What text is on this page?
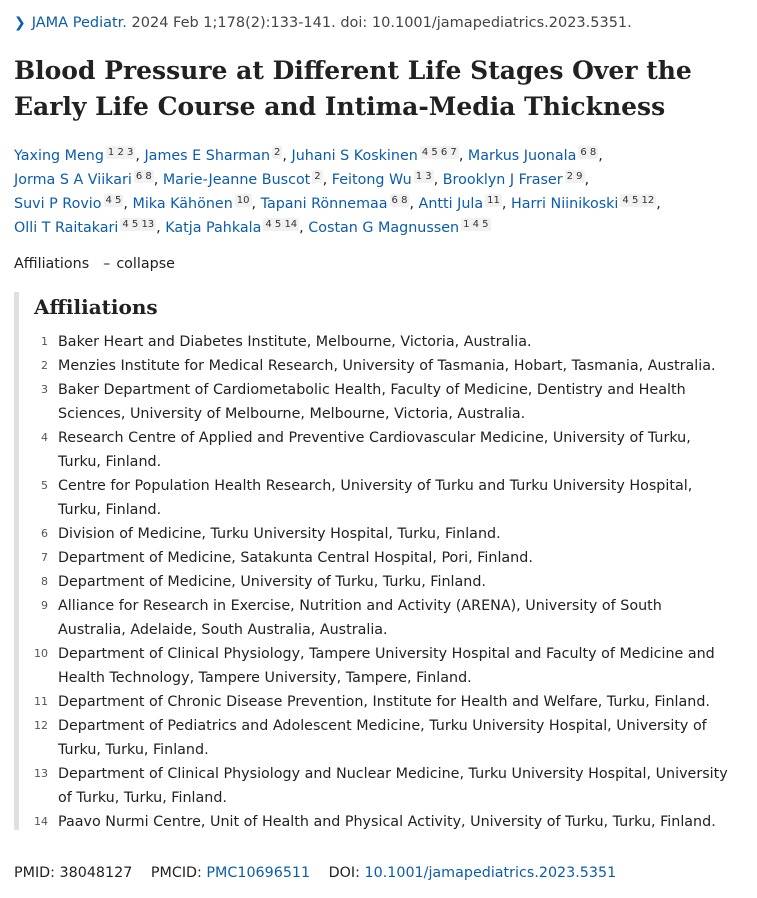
❯ JAMA Pediatr. 2024 Feb 1;178(2):133-141. doi: 10.1001/jamapediatrics.2023.5351.
Blood Pressure at Different Life Stages Over the Early Life Course and Intima-Media Thickness
Yaxing Meng 1 2 3 , James E Sharman 2 , Juhani S Koskinen 4 5 6 7 , Markus Juonala 6 8 ,
Jorma S A Viikari 6 8 , Marie-Jeanne Buscot 2 , Feitong Wu 1 3 , Brooklyn J Fraser 2 9 ,
Suvi P Rovio 4 5 , Mika Kähönen 10 , Tapani Rönnemaa 6 8 , Antti Jula 11 , Harri Niinikoski 4 5 12 ,
Olli T Raitakari 4 5 13 , Katja Pahkala 4 5 14 , Costan G Magnussen 1 4 5
Affiliations – collapse
Affiliations
1 Baker Heart and Diabetes Institute, Melbourne, Victoria, Australia.
2 Menzies Institute for Medical Research, University of Tasmania, Hobart, Tasmania, Australia.
3 Baker Department of Cardiometabolic Health, Faculty of Medicine, Dentistry and Health Sciences, University of Melbourne, Melbourne, Victoria, Australia.
4 Research Centre of Applied and Preventive Cardiovascular Medicine, University of Turku, Turku, Finland.
5 Centre for Population Health Research, University of Turku and Turku University Hospital, Turku, Finland.
6 Division of Medicine, Turku University Hospital, Turku, Finland.
7 Department of Medicine, Satakunta Central Hospital, Pori, Finland.
8 Department of Medicine, University of Turku, Turku, Finland.
9 Alliance for Research in Exercise, Nutrition and Activity (ARENA), University of South Australia, Adelaide, South Australia, Australia.
10 Department of Clinical Physiology, Tampere University Hospital and Faculty of Medicine and Health Technology, Tampere University, Tampere, Finland.
11 Department of Chronic Disease Prevention, Institute for Health and Welfare, Turku, Finland.
12 Department of Pediatrics and Adolescent Medicine, Turku University Hospital, University of Turku, Turku, Finland.
13 Department of Clinical Physiology and Nuclear Medicine, Turku University Hospital, University of Turku, Turku, Finland.
14 Paavo Nurmi Centre, Unit of Health and Physical Activity, University of Turku, Turku, Finland.
PMID: 38048127 PMCID: PMC10696511 DOI: 10.1001/jamapediatrics.2023.5351
